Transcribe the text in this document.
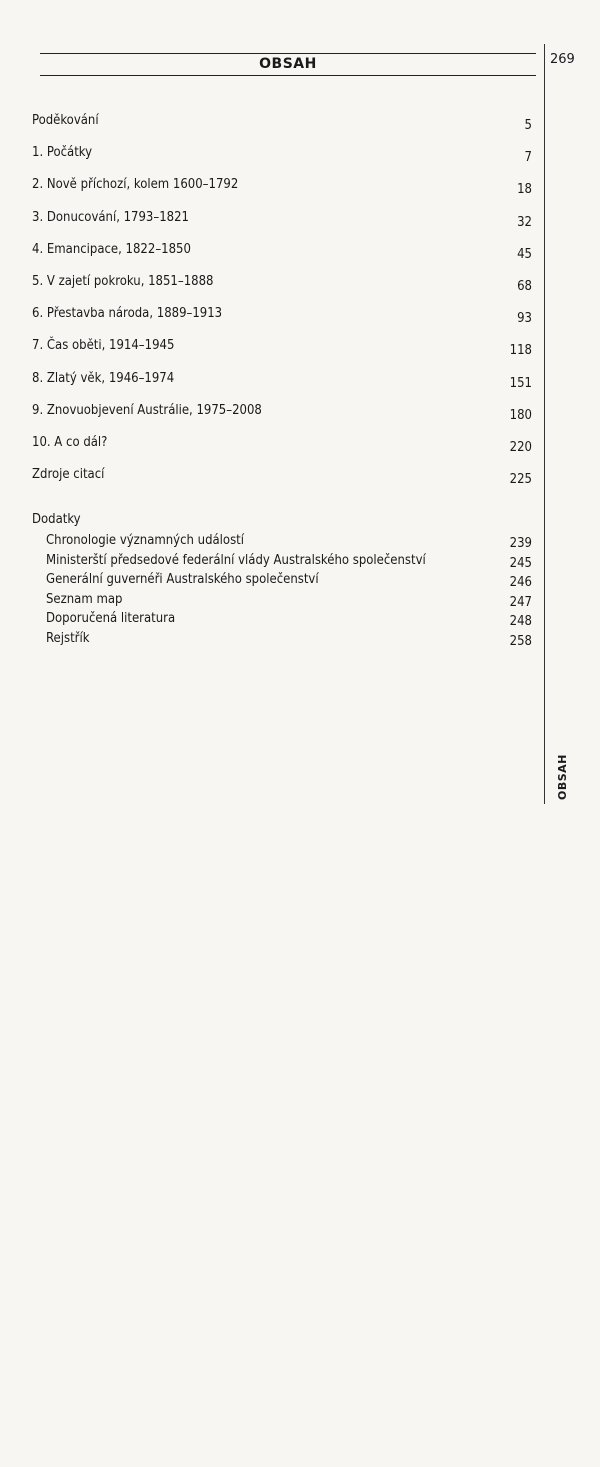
OBSAH	269
OBSAH
Poděkování	5
1. Počátky	7
2. Nově příchozí, kolem 1600–1792	18
3. Donucování, 1793–1821	32
4. Emancipace, 1822–1850	45
5. V zajetí pokroku, 1851–1888	68
6. Přestavba národa, 1889–1913	93
7. Čas oběti, 1914–1945	118
8. Zlatý věk, 1946–1974	151
9. Znovuobjevení Austrálie, 1975–2008	180
10. A co dál?	220
Zdroje citací	225
Dodatky
Chronologie významných událostí	239
Ministerští předsedové federální vlády Australského společenství	245
Generální guvernéři Australského společenství	246
Seznam map	247
Doporučená literatura	248
Rejstřík	258
